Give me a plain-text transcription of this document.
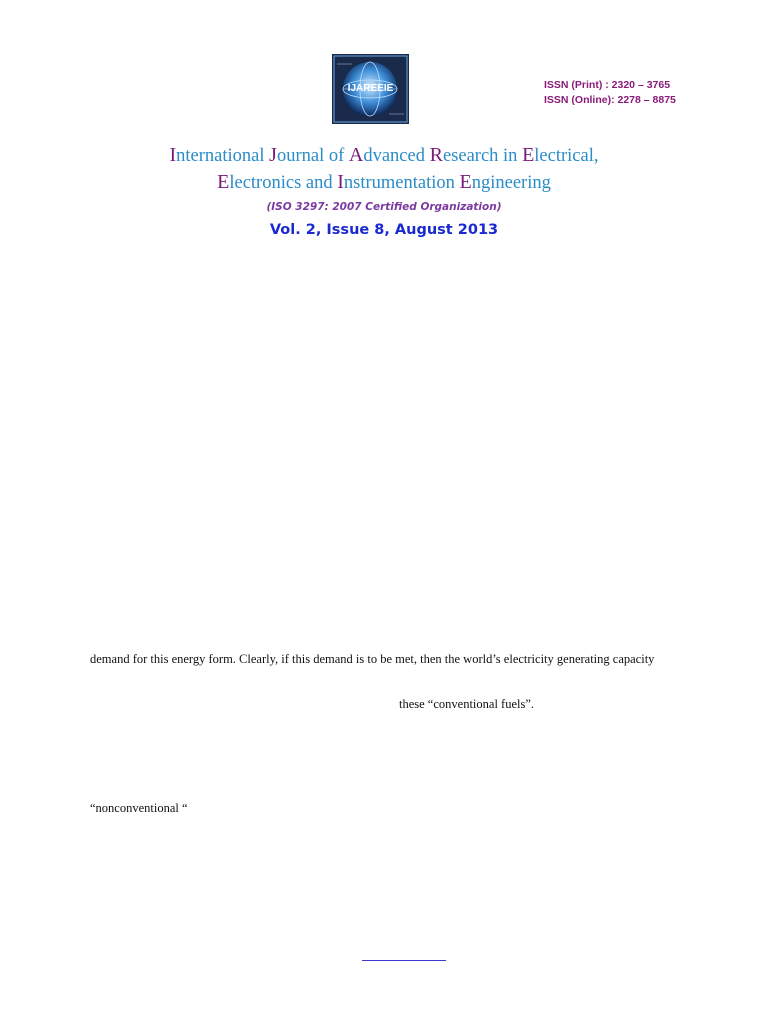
IJAREEIE	ISSN (Print) : 2320 – 3765
ISSN (Online): 2278 – 8875
International Journal of Advanced Research in Electrical,
Electronics and Instrumentation Engineering
(ISO 3297: 2007 Certified Organization)
Vol. 2, Issue 8, August 2013
demand for this energy form. Clearly, if this demand is to be met, then the world’s electricity generating capacity
these “conventional fuels”.
“nonconventional “
